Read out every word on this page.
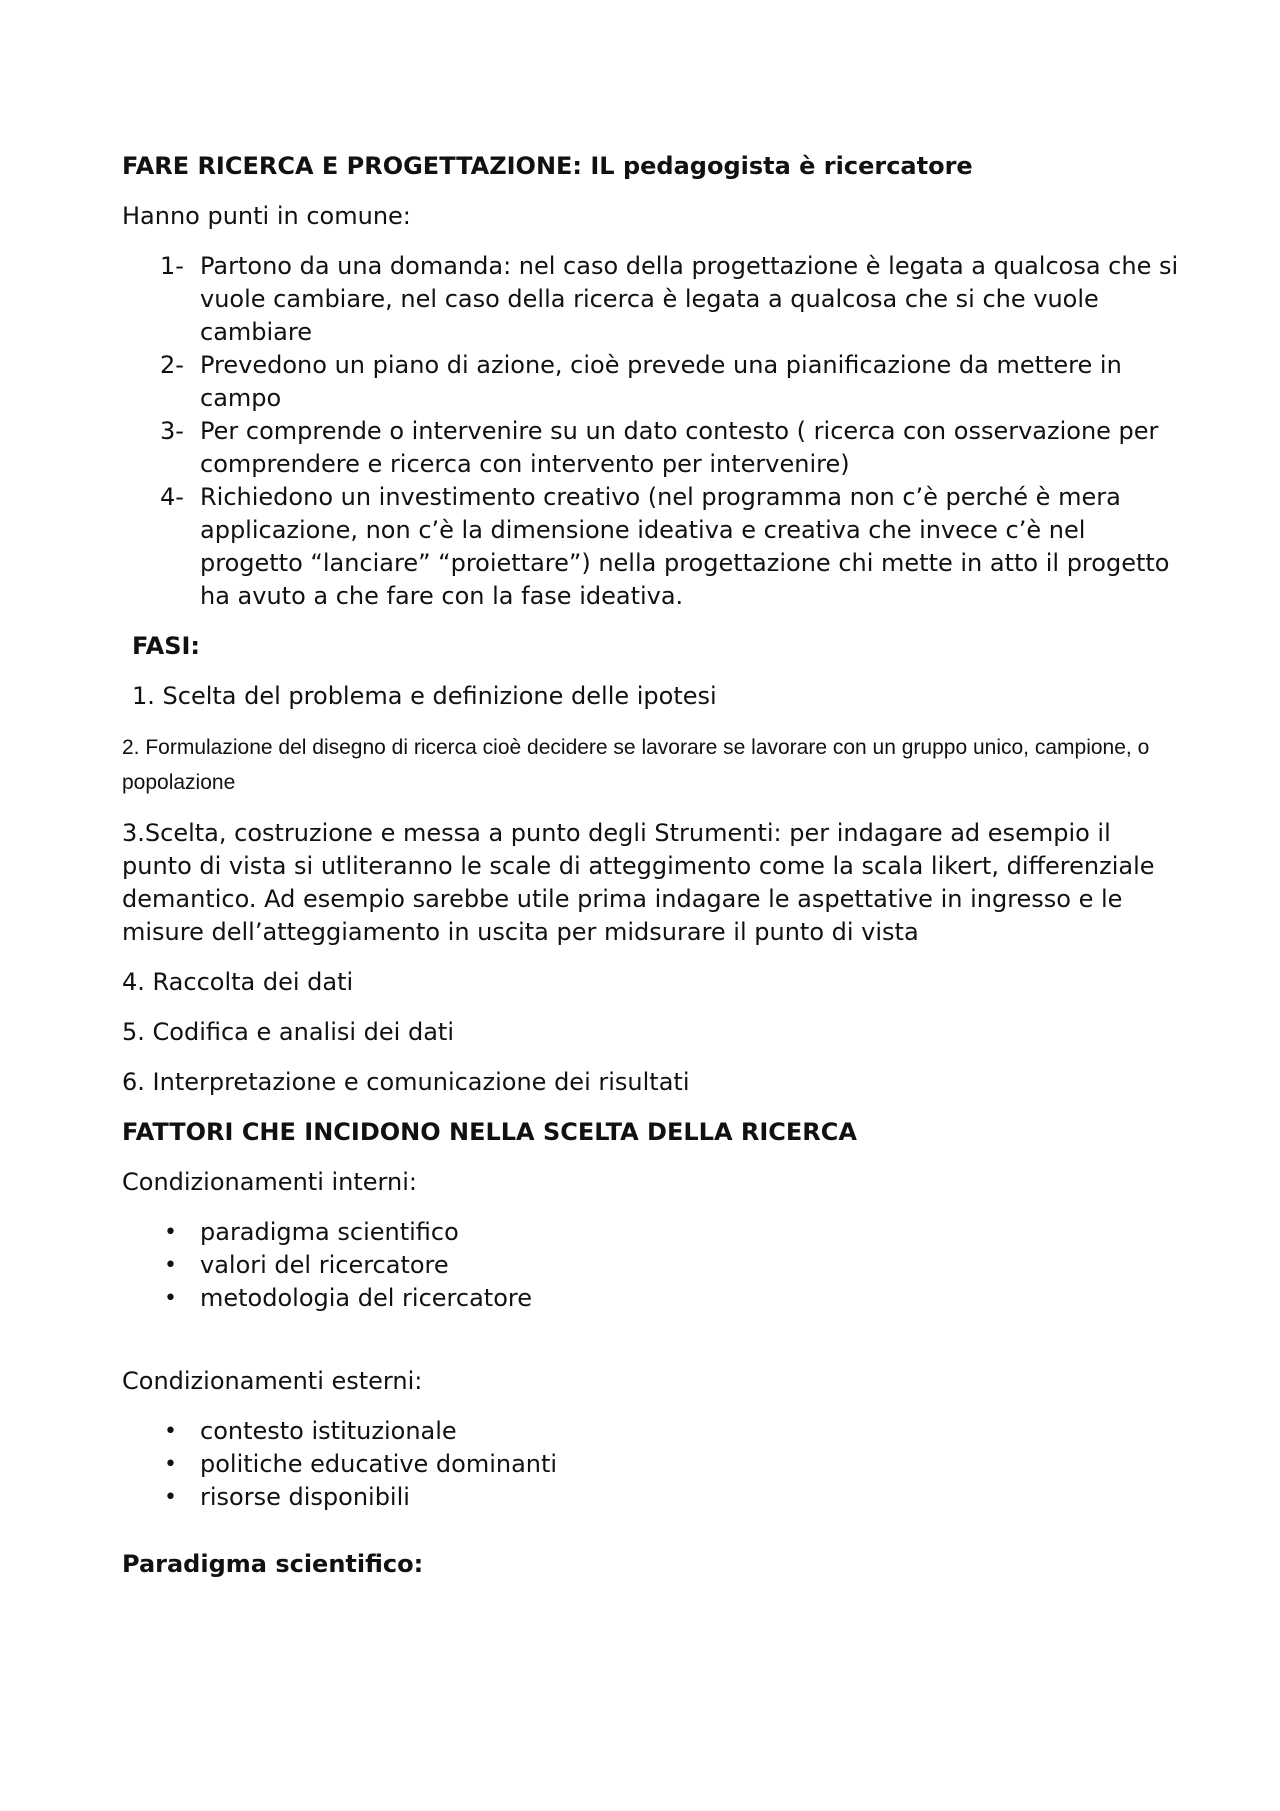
FARE RICERCA E PROGETTAZIONE: IL pedagogista è ricercatore

Hanno punti in comune:

1- Partono da una domanda: nel caso della progettazione è legata a qualcosa che si vuole cambiare, nel caso della ricerca è legata a qualcosa che si che vuole cambiare
2- Prevedono un piano di azione, cioè prevede una pianificazione da mettere in campo
3- Per comprende o intervenire su un dato contesto ( ricerca con osservazione per comprendere e ricerca con intervento per intervenire)
4- Richiedono un investimento creativo (nel programma non c’è perché è mera applicazione, non c’è la dimensione ideativa e creativa che invece c’è nel progetto “lanciare” “proiettare”) nella progettazione chi mette in atto il progetto ha avuto a che fare con la fase ideativa.

FASI:

1. Scelta del problema e definizione delle ipotesi

2. Formulazione del disegno di ricerca cioè decidere se lavorare se lavorare con un gruppo unico, campione, o popolazione

3.Scelta, costruzione e messa a punto degli Strumenti: per indagare ad esempio il punto di vista si utliteranno le scale di atteggimento come la scala likert, differenziale demantico. Ad esempio sarebbe utile prima indagare le aspettative in ingresso e le misure dell’atteggiamento in uscita per midsurare il punto di vista

4. Raccolta dei dati

5. Codifica e analisi dei dati

6. Interpretazione e comunicazione dei risultati

FATTORI CHE INCIDONO NELLA SCELTA DELLA RICERCA

Condizionamenti interni:

• paradigma scientifico
• valori del ricercatore
• metodologia del ricercatore

Condizionamenti esterni:

• contesto istituzionale
• politiche educative dominanti
• risorse disponibili

Paradigma scientifico:
